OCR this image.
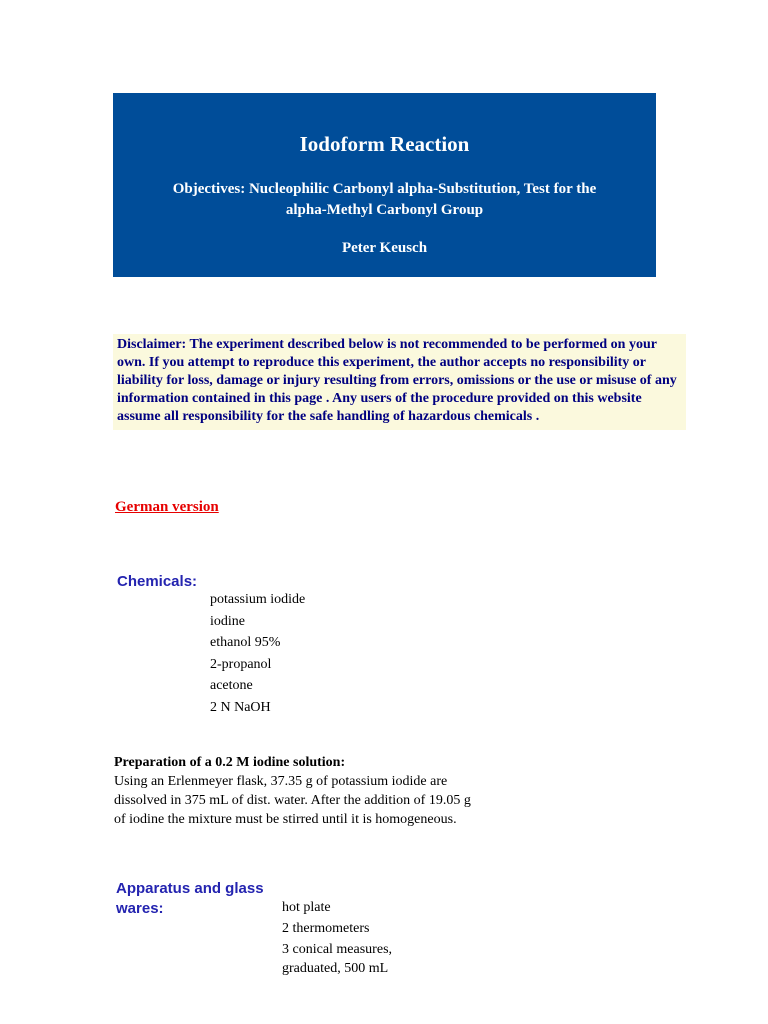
Iodoform Reaction
Objectives: Nucleophilic Carbonyl alpha-Substitution, Test for the
alpha-Methyl Carbonyl Group
Peter Keusch
Disclaimer: The experiment described below is not recommended to be performed on your own. If you attempt to reproduce this experiment, the author accepts no responsibility or liability for loss, damage or injury resulting from errors, omissions or the use or misuse of any information contained in this page . Any users of the procedure provided on this website assume all responsibility for the safe handling of hazardous chemicals .
German version
Chemicals:
potassium iodide
iodine
ethanol 95%
2-propanol
acetone
2 N NaOH
Preparation of a 0.2 M iodine solution:
Using an Erlenmeyer flask, 37.35 g of potassium iodide are dissolved in 375 mL of dist. water. After the addition of 19.05 g of iodine the mixture must be stirred until it is homogeneous.
Apparatus and glass wares:	hot plate
2 thermometers
3 conical measures, graduated, 500 mL
